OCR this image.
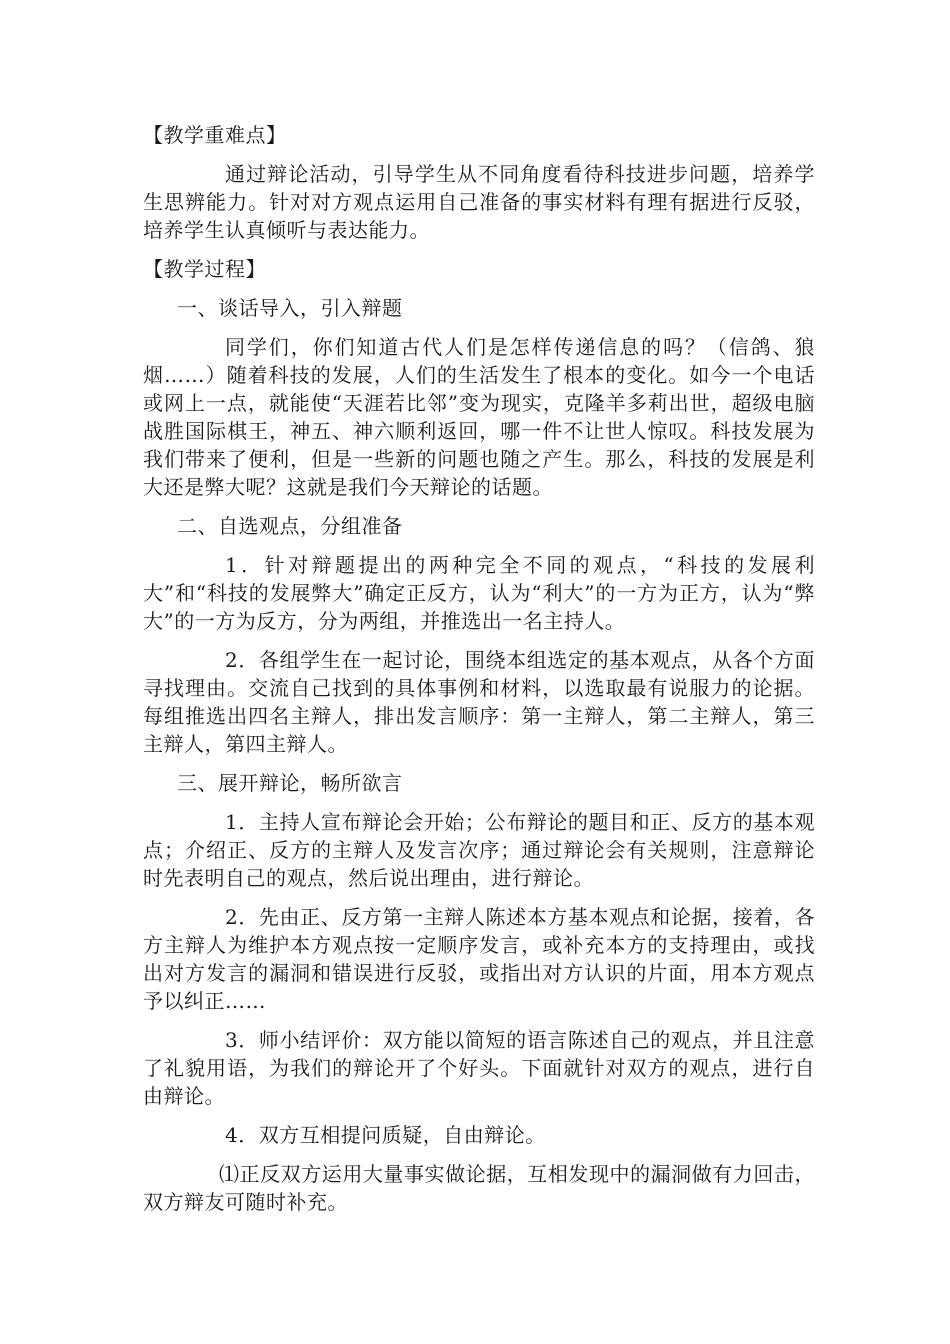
【教学重难点】

通过辩论活动，引导学生从不同角度看待科技进步问题，培养学生思辨能力。针对对方观点运用自己准备的事实材料有理有据进行反驳，培养学生认真倾听与表达能力。

【教学过程】

一、谈话导入，引入辩题

同学们，你们知道古代人们是怎样传递信息的吗？（信鸽、狼烟……）随着科技的发展，人们的生活发生了根本的变化。如今一个电话或网上一点，就能使“天涯若比邻”变为现实，克隆羊多莉出世，超级电脑战胜国际棋王，神五、神六顺利返回，哪一件不让世人惊叹。科技发展为我们带来了便利，但是一些新的问题也随之产生。那么，科技的发展是利大还是弊大呢？这就是我们今天辩论的话题。

二、自选观点，分组准备

1．针对辩题提出的两种完全不同的观点，“科技的发展利大”和“科技的发展弊大”确定正反方，认为“利大”的一方为正方，认为“弊大”的一方为反方，分为两组，并推选出一名主持人。

2．各组学生在一起讨论，围绕本组选定的基本观点，从各个方面寻找理由。交流自己找到的具体事例和材料，以选取最有说服力的论据。每组推选出四名主辩人，排出发言顺序：第一主辩人，第二主辩人，第三主辩人，第四主辩人。

三、展开辩论，畅所欲言

1．主持人宣布辩论会开始；公布辩论的题目和正、反方的基本观点；介绍正、反方的主辩人及发言次序；通过辩论会有关规则，注意辩论时先表明自己的观点，然后说出理由，进行辩论。

2．先由正、反方第一主辩人陈述本方基本观点和论据，接着，各方主辩人为维护本方观点按一定顺序发言，或补充本方的支持理由，或找出对方发言的漏洞和错误进行反驳，或指出对方认识的片面，用本方观点予以纠正……

3．师小结评价：双方能以简短的语言陈述自己的观点，并且注意了礼貌用语，为我们的辩论开了个好头。下面就针对双方的观点，进行自由辩论。

4．双方互相提问质疑，自由辩论。

⑴正反双方运用大量事实做论据，互相发现中的漏洞做有力回击，双方辩友可随时补充。
